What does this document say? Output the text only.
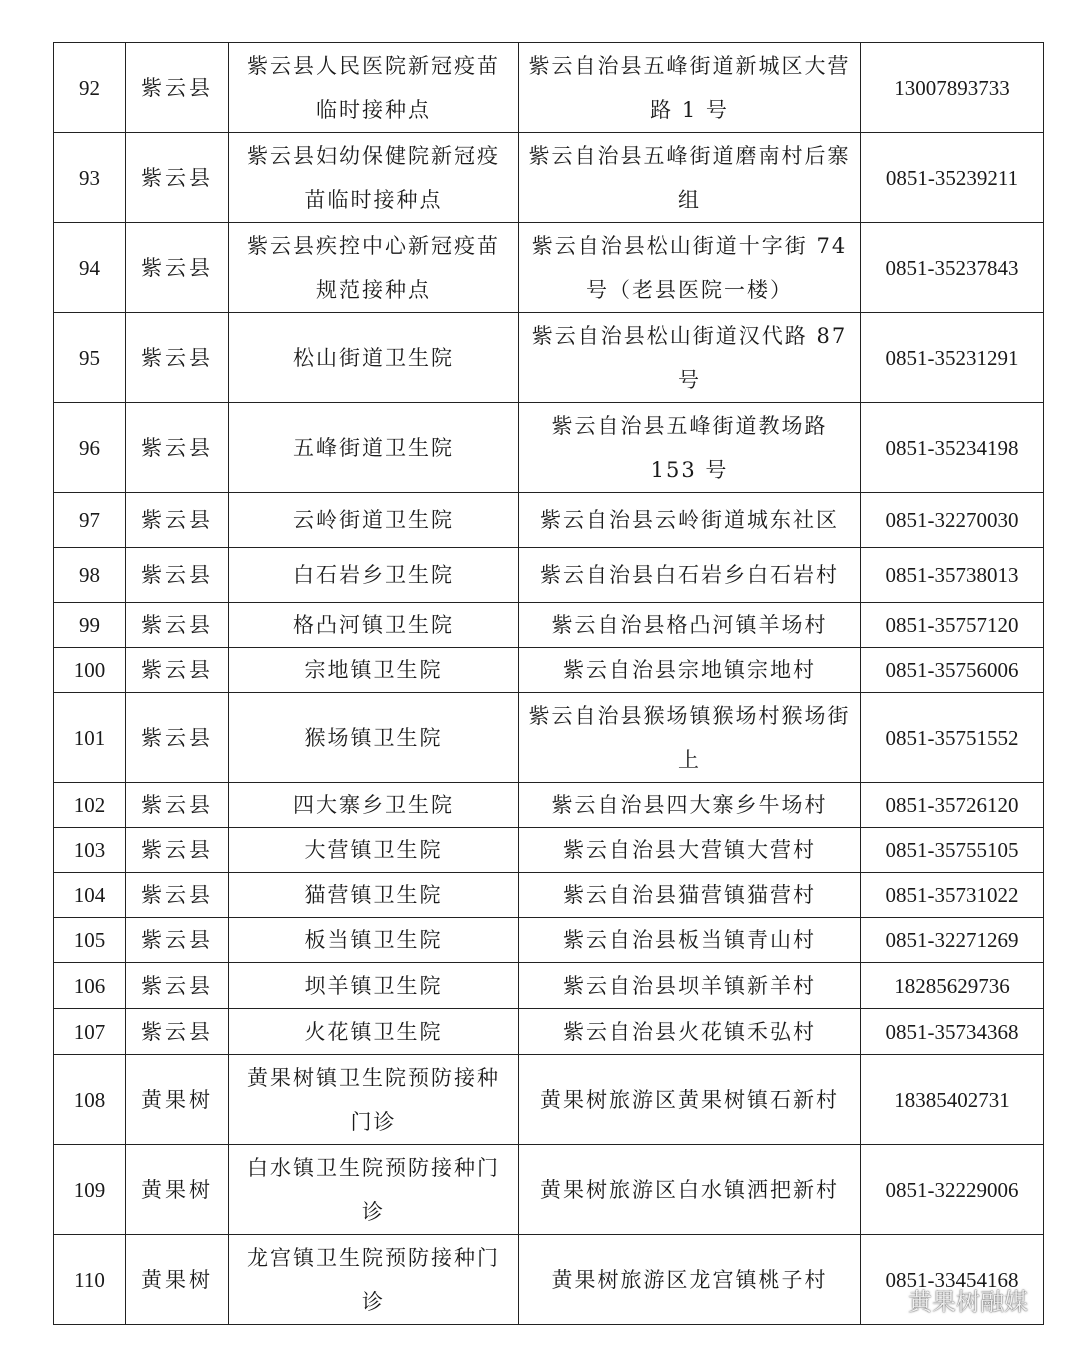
92	紫云县	紫云县人民医院新冠疫苗临时接种点	紫云自治县五峰街道新城区大营路 1 号	13007893733
93	紫云县	紫云县妇幼保健院新冠疫苗临时接种点	紫云自治县五峰街道磨南村后寨组	0851-35239211
94	紫云县	紫云县疾控中心新冠疫苗规范接种点	紫云自治县松山街道十字街 74 号（老县医院一楼）	0851-35237843
95	紫云县	松山街道卫生院	紫云自治县松山街道汉代路 87 号	0851-35231291
96	紫云县	五峰街道卫生院	紫云自治县五峰街道教场路 153 号	0851-35234198
97	紫云县	云岭街道卫生院	紫云自治县云岭街道城东社区	0851-32270030
98	紫云县	白石岩乡卫生院	紫云自治县白石岩乡白石岩村	0851-35738013
99	紫云县	格凸河镇卫生院	紫云自治县格凸河镇羊场村	0851-35757120
100	紫云县	宗地镇卫生院	紫云自治县宗地镇宗地村	0851-35756006
101	紫云县	猴场镇卫生院	紫云自治县猴场镇猴场村猴场街上	0851-35751552
102	紫云县	四大寨乡卫生院	紫云自治县四大寨乡牛场村	0851-35726120
103	紫云县	大营镇卫生院	紫云自治县大营镇大营村	0851-35755105
104	紫云县	猫营镇卫生院	紫云自治县猫营镇猫营村	0851-35731022
105	紫云县	板当镇卫生院	紫云自治县板当镇青山村	0851-32271269
106	紫云县	坝羊镇卫生院	紫云自治县坝羊镇新羊村	18285629736
107	紫云县	火花镇卫生院	紫云自治县火花镇禾弘村	0851-35734368
108	黄果树	黄果树镇卫生院预防接种门诊	黄果树旅游区黄果树镇石新村	18385402731
109	黄果树	白水镇卫生院预防接种门诊	黄果树旅游区白水镇洒把新村	0851-32229006
110	黄果树	龙宫镇卫生院预防接种门诊	黄果树旅游区龙宫镇桃子村	0851-33454168
黄果树融媒
